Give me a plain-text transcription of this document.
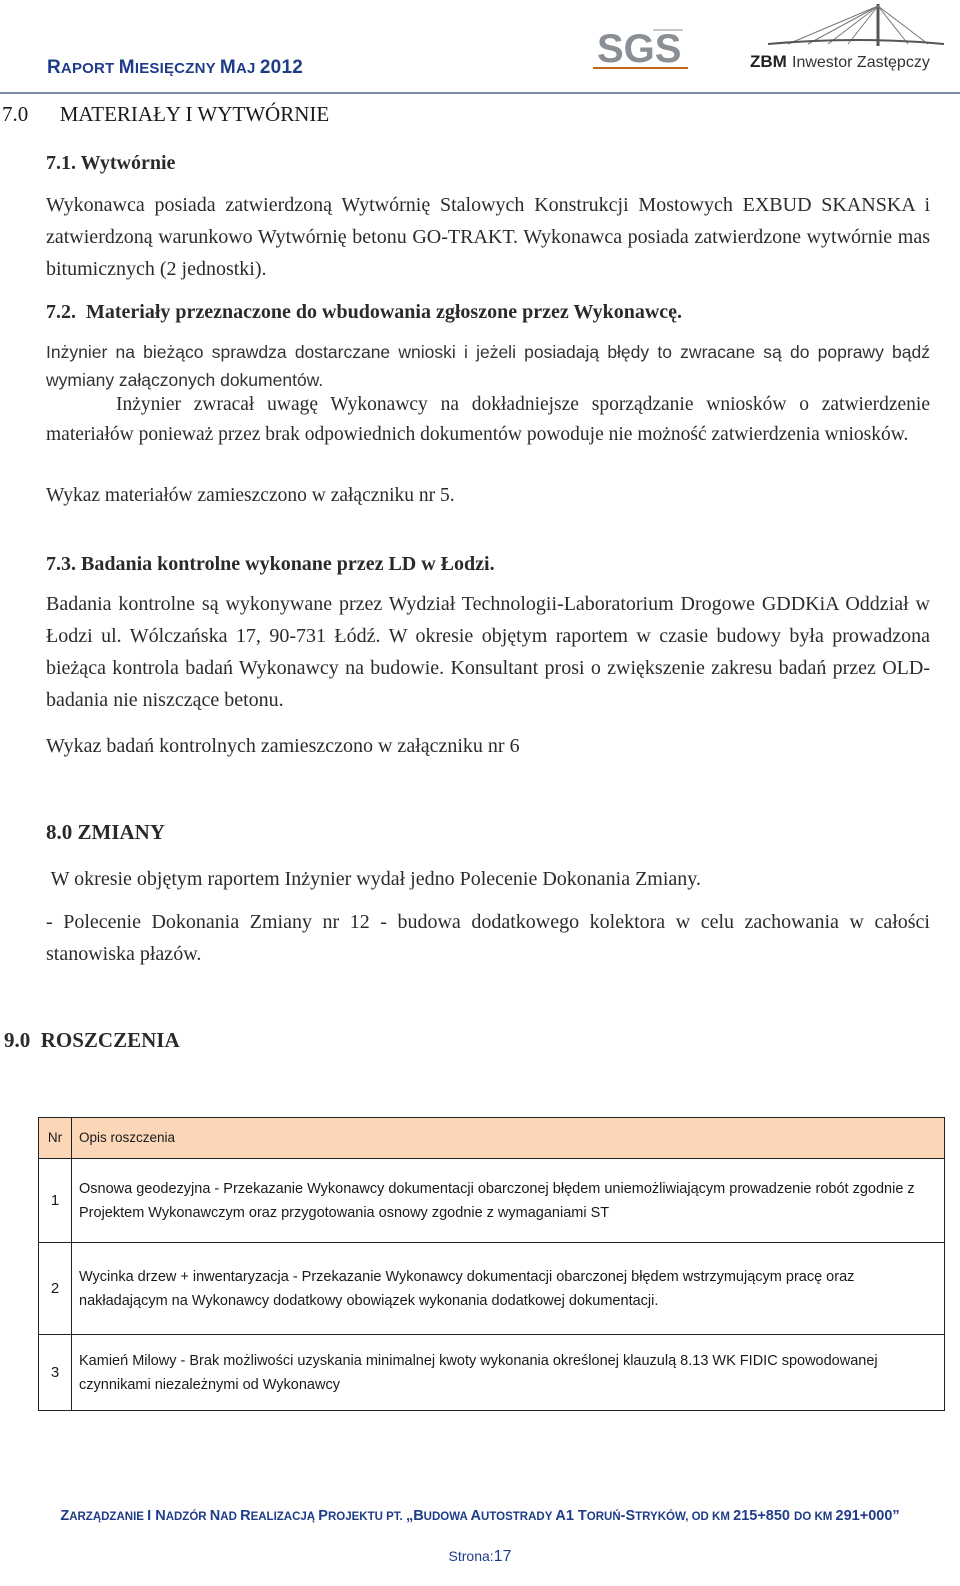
RAPORT MIESIĘCZNY MAJ 2012	SGS	ZBM Inwestor Zastępczy
7.0      MATERIAŁY I WYTWÓRNIE
7.1. Wytwórnie
Wykonawca posiada zatwierdzoną Wytwórnię Stalowych Konstrukcji Mostowych EXBUD SKANSKA i zatwierdzoną warunkowo Wytwórnię betonu GO-TRAKT. Wykonawca posiada zatwierdzone wytwórnie mas bitumicznych (2 jednostki).
7.2.  Materiały przeznaczone do wbudowania zgłoszone przez Wykonawcę.
Inżynier na bieżąco sprawdza dostarczane wnioski i jeżeli posiadają błędy to zwracane są do poprawy bądź wymiany załączonych dokumentów.
Inżynier zwracał uwagę Wykonawcy na dokładniejsze sporządzanie wniosków o zatwierdzenie materiałów ponieważ przez brak odpowiednich dokumentów powoduje nie możność zatwierdzenia wniosków.
Wykaz materiałów zamieszczono w załączniku nr 5.
7.3. Badania kontrolne wykonane przez LD w Łodzi.
Badania kontrolne są wykonywane przez Wydział Technologii-Laboratorium Drogowe GDDKiA Oddział w Łodzi ul. Wólczańska 17, 90-731 Łódź. W okresie objętym raportem w czasie budowy była prowadzona bieżąca kontrola badań Wykonawcy na budowie. Konsultant prosi o zwiększenie zakresu badań przez OLD- badania nie niszczące betonu.
Wykaz badań kontrolnych zamieszczono w załączniku nr 6
8.0 ZMIANY
W okresie objętym raportem Inżynier wydał jedno Polecenie Dokonania Zmiany.
- Polecenie Dokonania Zmiany nr 12 - budowa dodatkowego kolektora w celu zachowania w całości stanowiska płazów.
9.0  ROSZCZENIA
Nr	Opis roszczenia
1	Osnowa geodezyjna - Przekazanie Wykonawcy dokumentacji obarczonej błędem uniemożliwiającym prowadzenie robót zgodnie z Projektem Wykonawczym oraz przygotowania osnowy zgodnie z wymaganiami ST
2	Wycinka drzew + inwentaryzacja - Przekazanie Wykonawcy dokumentacji obarczonej błędem wstrzymującym pracę oraz nakładającym na Wykonawcy dodatkowy obowiązek wykonania dodatkowej dokumentacji.
3	Kamień Milowy - Brak możliwości uzyskania minimalnej kwoty wykonania określonej klauzulą 8.13 WK FIDIC spowodowanej czynnikami niezależnymi od Wykonawcy
ZARZĄDZANIE I NADZÓR NAD REALIZACJĄ PROJEKTU PT. „BUDOWA AUTOSTRADY A1 TORUŃ-STRYKÓW, OD KM 215+850 DO KM 291+000”
Strona:17
